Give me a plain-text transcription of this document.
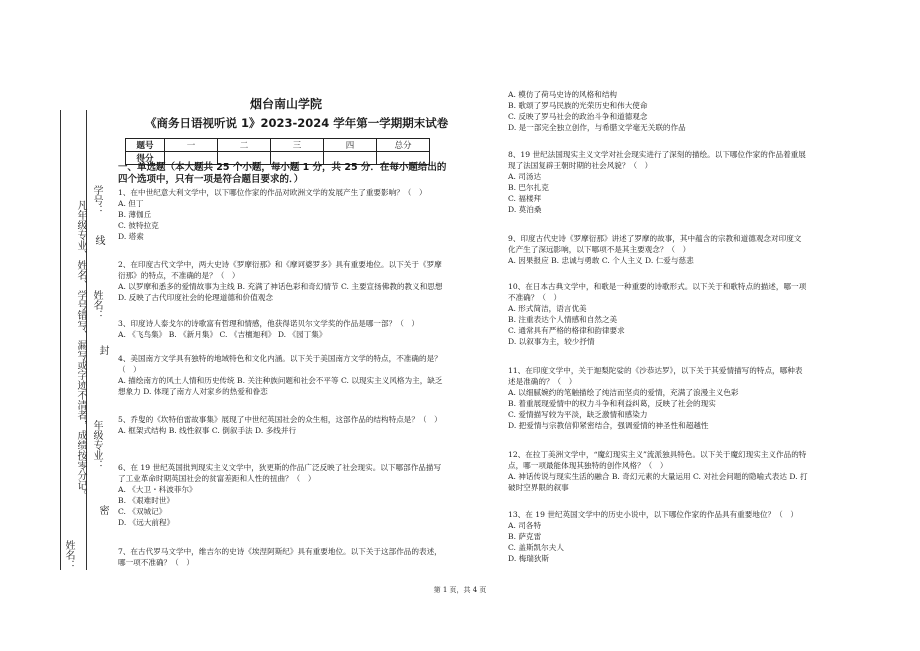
学号：
姓名：
年级专业：
凡年级专业、姓名、学号错写、漏写或字迹不清者，成绩按零分记。
姓名：
线
封
密
烟台南山学院
《商务日语视听说 1》2023-2024 学年第一学期期末试卷
题号	一	二	三	四	总分
得分					
一、单选题（本大题共 25 个小题，每小题 1 分，共 25 分．在每小题给出的四个选项中，只有一项是符合题目要求的．）

1、在中世纪意大利文学中，以下哪位作家的作品对欧洲文学的发展产生了重要影响？（　）

A. 但丁

B. 薄伽丘

C. 彼特拉克

D. 塔索

2、在印度古代文学中，两大史诗《罗摩衍那》和《摩诃婆罗多》具有重要地位。以下关于《罗摩衍那》的特点，不准确的是？（　）

A. 以罗摩和悉多的爱情故事为主线 B. 充满了神话色彩和奇幻情节 C. 主要宣扬佛教的教义和思想 D. 反映了古代印度社会的伦理道德和价值观念

3、印度诗人泰戈尔的诗歌富有哲理和情感，他获得诺贝尔文学奖的作品是哪一部？（　）

A. 《飞鸟集》 B. 《新月集》 C. 《吉檀迦利》 D. 《园丁集》

4、美国南方文学具有独特的地域特色和文化内涵。以下关于美国南方文学的特点，不准确的是？（　）

A. 描绘南方的风土人情和历史传统 B. 关注种族问题和社会不平等 C. 以现实主义风格为主，缺乏想象力 D. 体现了南方人对家乡的热爱和眷恋

5、乔叟的《坎特伯雷故事集》展现了中世纪英国社会的众生相，这部作品的结构特点是？（　）

A. 框架式结构 B. 线性叙事 C. 倒叙手法 D. 多线并行

6、在 19 世纪英国批判现实主义文学中，狄更斯的作品广泛反映了社会现实。以下哪部作品描写了工业革命时期英国社会的贫富差距和人性的扭曲？（　）

A. 《大卫・科波菲尔》

B. 《艰难时世》

C. 《双城记》

D. 《远大前程》

7、在古代罗马文学中，维吉尔的史诗《埃涅阿斯纪》具有重要地位。以下关于这部作品的表述，哪一项不准确？（　）

A. 模仿了荷马史诗的风格和结构

B. 歌颂了罗马民族的光荣历史和伟大使命

C. 反映了罗马社会的政治斗争和道德观念

D. 是一部完全独立创作，与希腊文学毫无关联的作品

8、19 世纪法国现实主义文学对社会现实进行了深刻的描绘。以下哪位作家的作品着重展现了法国复辟王朝时期的社会风貌？（　）

A. 司汤达

B. 巴尔扎克

C. 福楼拜

D. 莫泊桑

9、印度古代史诗《罗摩衍那》讲述了罗摩的故事，其中蕴含的宗教和道德观念对印度文化产生了深远影响，以下哪项不是其主要观念？（　）

A. 因果报应 B. 忠诚与勇敢 C. 个人主义 D. 仁爱与慈悲

10、在日本古典文学中，和歌是一种重要的诗歌形式。以下关于和歌特点的描述，哪一项不准确？（　）

A. 形式简洁，语言优美

B. 注重表达个人情感和自然之美

C. 通常具有严格的格律和韵律要求

D. 以叙事为主，较少抒情

11、在印度文学中，关于迦梨陀娑的《沙恭达罗》，以下关于其爱情描写的特点，哪种表述是准确的？（　）

A. 以细腻婉约的笔触描绘了纯洁而坚贞的爱情，充满了浪漫主义色彩

B. 着重展现爱情中的权力斗争和利益纠葛，反映了社会的现实

C. 爱情描写较为平淡，缺乏激情和感染力

D. 把爱情与宗教信仰紧密结合，强调爱情的神圣性和超越性

12、在拉丁美洲文学中，“魔幻现实主义”流派独具特色。以下关于魔幻现实主义作品的特点，哪一项最能体现其独特的创作风格？（　）

A. 神话传说与现实生活的融合 B. 奇幻元素的大量运用 C. 对社会问题的隐喻式表达 D. 打破时空界限的叙事

13、在 19 世纪英国文学中的历史小说中，以下哪位作家的作品具有重要地位？（　）

A. 司各特

B. 萨克雷

C. 盖斯凯尔夫人

D. 梅瑞狄斯

第 1 页，共 4 页
